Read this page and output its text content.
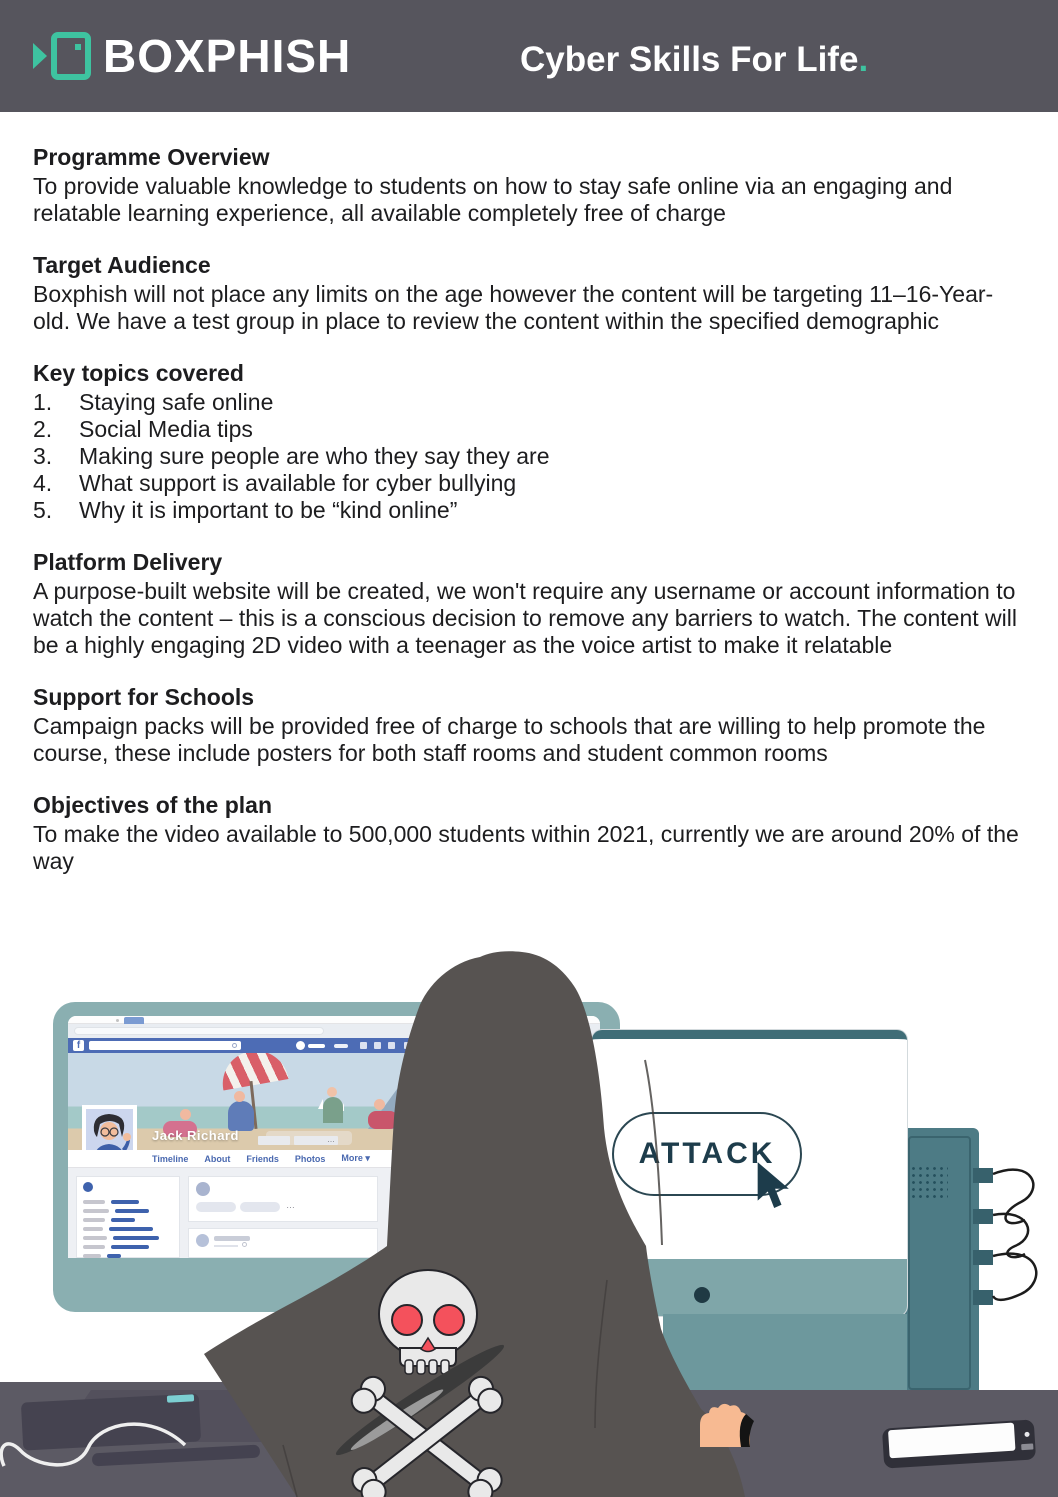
BOXPHISH	Cyber Skills For Life.
Programme Overview

To provide valuable knowledge to students on how to stay safe online via an engaging and relatable learning experience, all available completely free of charge

Target Audience

Boxphish will not place any limits on the age however the content will be targeting 11–16-Year-old. We have a test group in place to review the content within the specified demographic

Key topics covered
1.	Staying safe online
2.	Social Media tips
3.	Making sure people are who they say they are
4.	What support is available for cyber bullying
5.	Why it is important to be “kind online”
Platform Delivery

A purpose-built website will be created, we won't require any username or account information to watch the content – this is a conscious decision to remove any barriers to watch. The content will be a highly engaging 2D video with a teenager as the voice artist to make it relatable

Support for Schools

Campaign packs will be provided free of charge to schools that are willing to help promote the course, these include posters for both staff rooms and student common rooms

Objectives of the plan

To make the video available to 500,000 students within 2021, currently we are around 20% of the way

f
Jack Richard	…
Timeline About Friends Photos More ▾
…
ATTACK
